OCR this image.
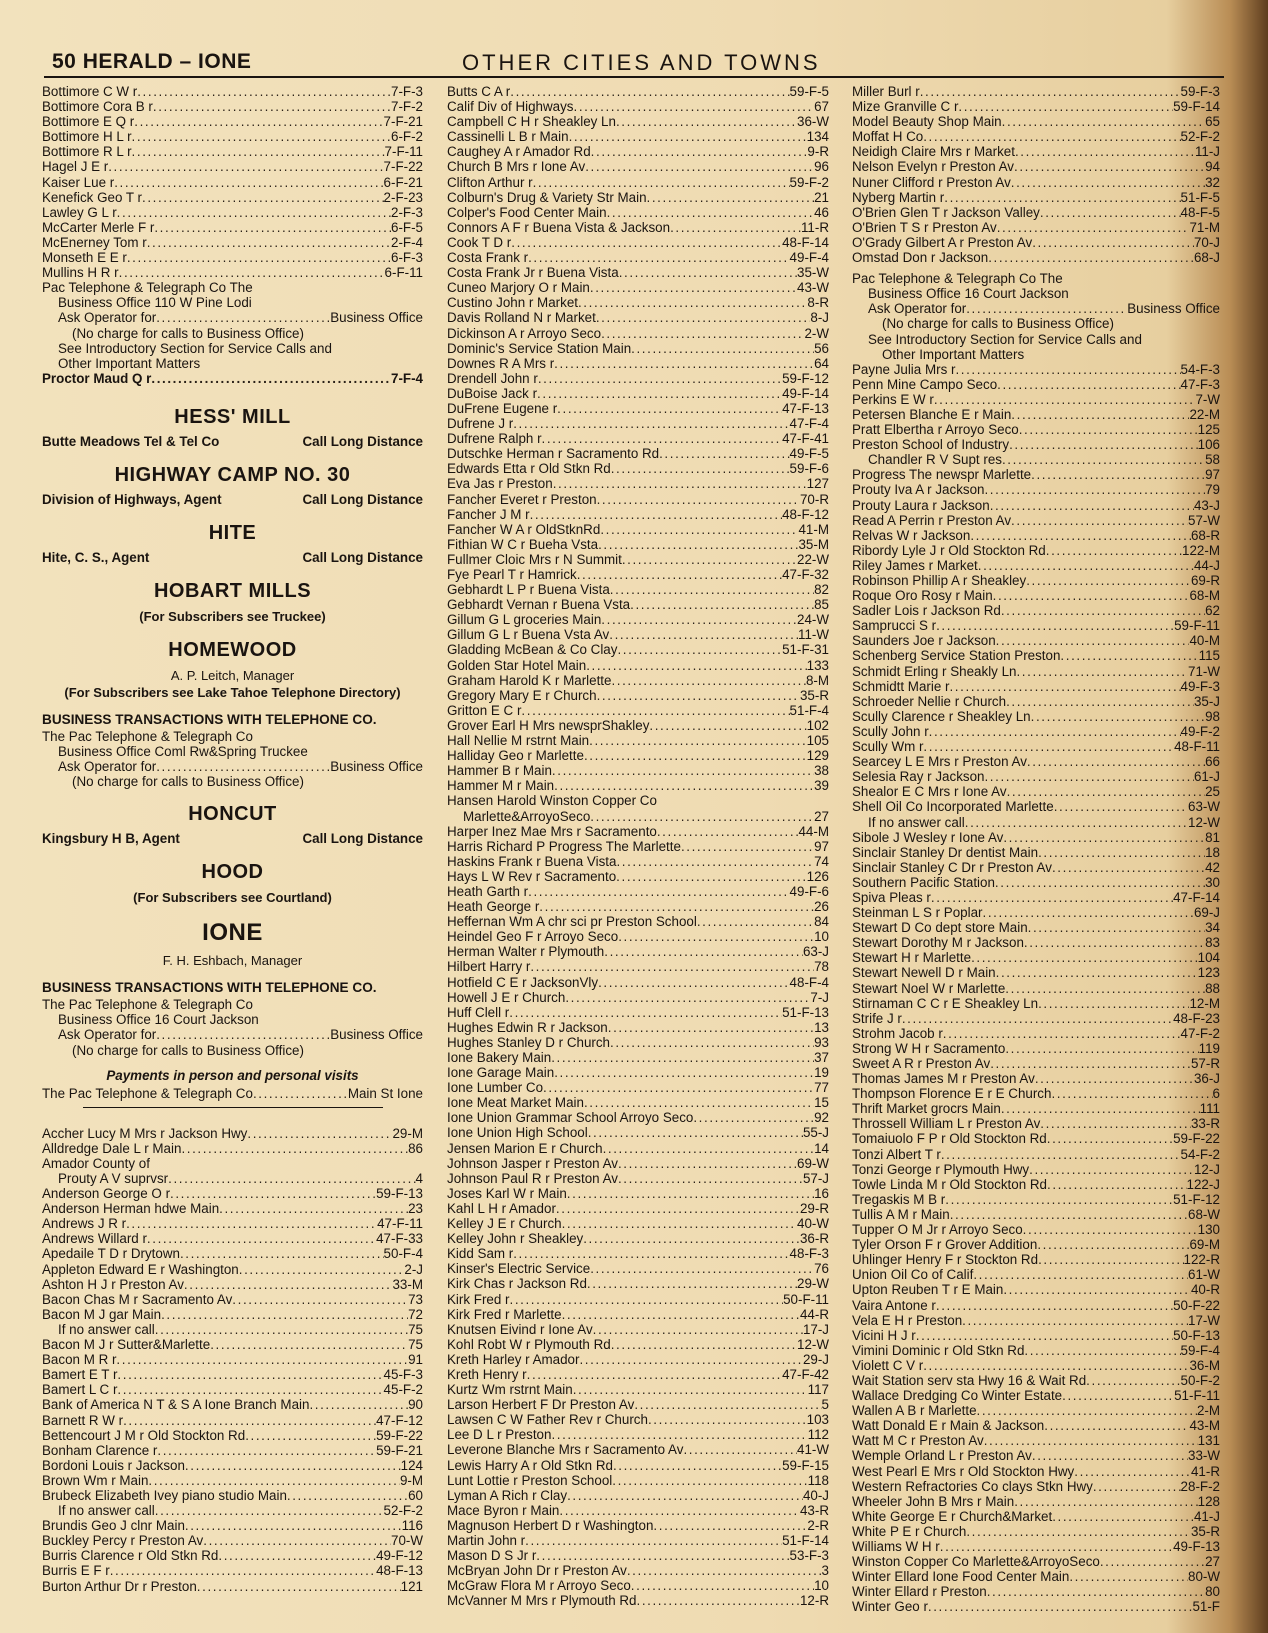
50 HERALD – IONE	OTHER CITIES AND TOWNS
Bottimore C W r .....	7-F-3
Bottimore Cora B r .....	7-F-2
Bottimore E Q r .....	7-F-21
Bottimore H L r .....	6-F-2
Bottimore R L r .....	7-F-11
Hagel J E r .....	7-F-22
Kaiser Lue r .....	6-F-21
Kenefick Geo T r .....	2-F-23
Lawley G L r .....	2-F-3
McCarter Merle F r .....	6-F-5
McEnerney Tom r .....	2-F-4
Monseth E E r .....	6-F-3
Mullins H R r .....	6-F-11
Pac Telephone & Telegraph Co The
Business Office 110 W Pine Lodi
Ask Operator for .....	Business Office
(No charge for calls to Business Office)
See Introductory Section for Service Calls and
Other Important Matters
Proctor Maud Q r .....	7-F-4
HESS' MILL
Butte Meadows Tel & Tel Co	Call Long Distance
HIGHWAY CAMP NO. 30
Division of Highways, Agent	Call Long Distance
HITE
Hite, C. S., Agent	Call Long Distance
HOBART MILLS
(For Subscribers see Truckee)
HOMEWOOD
A. P. Leitch, Manager
(For Subscribers see Lake Tahoe Telephone Directory)
BUSINESS TRANSACTIONS WITH TELEPHONE CO.
The Pac Telephone & Telegraph Co
Business Office Coml Rw&Spring Truckee
Ask Operator for .....	Business Office
(No charge for calls to Business Office)
HONCUT
Kingsbury H B, Agent	Call Long Distance
HOOD
(For Subscribers see Courtland)
IONE
F. H. Eshbach, Manager
BUSINESS TRANSACTIONS WITH TELEPHONE CO.
The Pac Telephone & Telegraph Co
Business Office 16 Court Jackson
Ask Operator for .....	Business Office
(No charge for calls to Business Office)
Payments in person and personal visits
The Pac Telephone & Telegraph Co .....	Main St Ione
Accher Lucy M Mrs r Jackson Hwy .....	29-M
Alldredge Dale L r Main .....	86
Amador County of
Prouty A V suprvsr .....	4
Anderson George O r .....	59-F-13
Anderson Herman hdwe Main .....	23
Andrews J R r .....	47-F-11
Andrews Willard r .....	47-F-33
Apedaile T D r Drytown .....	50-F-4
Appleton Edward E r Washington .....	2-J
Ashton H J r Preston Av .....	33-M
Bacon Chas M r Sacramento Av .....	73
Bacon M J gar Main .....	72
If no answer call .....	75
Bacon M J r Sutter&Marlette .....	75
Bacon M R r .....	91
Bamert E T r .....	45-F-3
Bamert L C r .....	45-F-2
Bank of America N T & S A Ione Branch Main .....	90
Barnett R W r .....	47-F-12
Bettencourt J M r Old Stockton Rd .....	59-F-22
Bonham Clarence r .....	59-F-21
Bordoni Louis r Jackson .....	124
Brown Wm r Main .....	9-M
Brubeck Elizabeth Ivey piano studio Main .....	60
If no answer call .....	52-F-2
Brundis Geo J clnr Main .....	116
Buckley Percy r Preston Av .....	70-W
Burris Clarence r Old Stkn Rd .....	49-F-12
Burris E F r .....	48-F-13
Burton Arthur Dr r Preston .....	121
Butts C A r .....	59-F-5
Calif Div of Highways .....	67
Campbell C H r Sheakley Ln .....	36-W
Cassinelli L B r Main .....	134
Caughey A r Amador Rd .....	9-R
Church B Mrs r Ione Av .....	96
Clifton Arthur r .....	59-F-2
Colburn's Drug & Variety Str Main .....	21
Colper's Food Center Main .....	46
Connors A F r Buena Vista & Jackson .....	11-R
Cook T D r .....	48-F-14
Costa Frank r .....	49-F-4
Costa Frank Jr r Buena Vista .....	35-W
Cuneo Marjory O r Main .....	43-W
Custino John r Market .....	8-R
Davis Rolland N r Market .....	8-J
Dickinson A r Arroyo Seco .....	2-W
Dominic's Service Station Main .....	56
Downes R A Mrs r .....	64
Drendell John r .....	59-F-12
DuBoise Jack r .....	49-F-14
DuFrene Eugene r .....	47-F-13
Dufrene J r .....	47-F-4
Dufrene Ralph r .....	47-F-41
Dutschke Herman r Sacramento Rd .....	49-F-5
Edwards Etta r Old Stkn Rd .....	59-F-6
Eva Jas r Preston .....	127
Fancher Everet r Preston .....	70-R
Fancher J M r .....	48-F-12
Fancher W A r OldStknRd .....	41-M
Fithian W C r Bueha Vsta .....	35-M
Fullmer Cloic Mrs r N Summit .....	22-W
Fye Pearl T r Hamrick .....	47-F-32
Gebhardt L P r Buena Vista .....	82
Gebhardt Vernan r Buena Vsta .....	85
Gillum G L groceries Main .....	24-W
Gillum G L r Buena Vsta Av .....	11-W
Gladding McBean & Co Clay .....	51-F-31
Golden Star Hotel Main .....	133
Graham Harold K r Marlette .....	8-M
Gregory Mary E r Church .....	35-R
Gritton E C r .....	51-F-4
Grover Earl H Mrs newsprShakley .....	102
Hall Nellie M rstrnt Main .....	105
Halliday Geo r Marlette .....	129
Hammer B r Main .....	38
Hammer M r Main .....	39
Hansen Harold Winston Copper Co
Marlette&ArroyoSeco .....	27
Harper Inez Mae Mrs r Sacramento .....	44-M
Harris Richard P Progress The Marlette .....	97
Haskins Frank r Buena Vista .....	74
Hays L W Rev r Sacramento .....	126
Heath Garth r .....	49-F-6
Heath George r .....	26
Heffernan Wm A chr sci pr Preston School .....	84
Heindel Geo F r Arroyo Seco .....	10
Herman Walter r Plymouth .....	63-J
Hilbert Harry r .....	78
Hotfield C E r JacksonVly .....	48-F-4
Howell J E r Church .....	7-J
Huff Clell r .....	51-F-13
Hughes Edwin R r Jackson .....	13
Hughes Stanley D r Church .....	93
Ione Bakery Main .....	37
Ione Garage Main .....	19
Ione Lumber Co .....	77
Ione Meat Market Main .....	15
Ione Union Grammar School Arroyo Seco .....	92
Ione Union High School .....	55-J
Jensen Marion E r Church .....	14
Johnson Jasper r Preston Av .....	69-W
Johnson Paul R r Preston Av .....	57-J
Joses Karl W r Main .....	16
Kahl L H r Amador .....	29-R
Kelley J E r Church .....	40-W
Kelley John r Sheakley .....	36-R
Kidd Sam r .....	48-F-3
Kinser's Electric Service .....	76
Kirk Chas r Jackson Rd .....	29-W
Kirk Fred r .....	50-F-11
Kirk Fred r Marlette .....	44-R
Knutsen Eivind r Ione Av .....	17-J
Kohl Robt W r Plymouth Rd .....	12-W
Kreth Harley r Amador .....	29-J
Kreth Henry r .....	47-F-42
Kurtz Wm rstrnt Main .....	117
Larson Herbert F Dr Preston Av .....	5
Lawsen C W Father Rev r Church .....	103
Lee D L r Preston .....	112
Leverone Blanche Mrs r Sacramento Av .....	41-W
Lewis Harry A r Old Stkn Rd .....	59-F-15
Lunt Lottie r Preston School .....	118
Lyman A Rich r Clay .....	40-J
Mace Byron r Main .....	43-R
Magnuson Herbert D r Washington .....	2-R
Martin John r .....	51-F-14
Mason D S Jr r .....	53-F-3
McBryan John Dr r Preston Av .....	3
McGraw Flora M r Arroyo Seco .....	10
McVanner M Mrs r Plymouth Rd .....	12-R
Miller Burl r .....	59-F-3
Mize Granville C r .....	59-F-14
Model Beauty Shop Main .....	65
Moffat H Co .....	52-F-2
Neidigh Claire Mrs r Market .....	11-J
Nelson Evelyn r Preston Av .....	94
Nuner Clifford r Preston Av .....	32
Nyberg Martin r .....	51-F-5
O'Brien Glen T r Jackson Valley .....	48-F-5
O'Brien T S r Preston Av .....	71-M
O'Grady Gilbert A r Preston Av .....	70-J
Omstad Don r Jackson .....	68-J
Pac Telephone & Telegraph Co The
Business Office 16 Court Jackson
Ask Operator for .....	Business Office
(No charge for calls to Business Office)
See Introductory Section for Service Calls and
Other Important Matters
Payne Julia Mrs r .....	54-F-3
Penn Mine Campo Seco .....	47-F-3
Perkins E W r .....	7-W
Petersen Blanche E r Main .....	22-M
Pratt Elbertha r Arroyo Seco .....	125
Preston School of Industry .....	106
Chandler R V Supt res .....	58
Progress The newspr Marlette .....	97
Prouty Iva A r Jackson .....	79
Prouty Laura r Jackson .....	43-J
Read A Perrin r Preston Av .....	57-W
Relvas W r Jackson .....	68-R
Ribordy Lyle J r Old Stockton Rd .....	122-M
Riley James r Market .....	44-J
Robinson Phillip A r Sheakley .....	69-R
Roque Oro Rosy r Main .....	68-M
Sadler Lois r Jackson Rd .....	62
Samprucci S r .....	59-F-11
Saunders Joe r Jackson .....	40-M
Schenberg Service Station Preston .....	115
Schmidt Erling r Sheakly Ln .....	71-W
Schmidtt Marie r .....	49-F-3
Schroeder Nellie r Church .....	35-J
Scully Clarence r Sheakley Ln .....	98
Scully John r .....	49-F-2
Scully Wm r .....	48-F-11
Searcey L E Mrs r Preston Av .....	66
Selesia Ray r Jackson .....	61-J
Shealor E C Mrs r Ione Av .....	25
Shell Oil Co Incorporated Marlette .....	63-W
If no answer call .....	12-W
Sibole J Wesley r Ione Av .....	81
Sinclair Stanley Dr dentist Main .....	18
Sinclair Stanley C Dr r Preston Av .....	42
Southern Pacific Station .....	30
Spiva Pleas r .....	47-F-14
Steinman L S r Poplar .....	69-J
Stewart D Co dept store Main .....	34
Stewart Dorothy M r Jackson .....	83
Stewart H r Marlette .....	104
Stewart Newell D r Main .....	123
Stewart Noel W r Marlette .....	88
Stirnaman C C r E Sheakley Ln .....	12-M
Strife J r .....	48-F-23
Strohm Jacob r .....	47-F-2
Strong W H r Sacramento .....	119
Sweet A R r Preston Av .....	57-R
Thomas James M r Preston Av .....	36-J
Thompson Florence E r E Church .....	6
Thrift Market grocrs Main .....	111
Throssell William L r Preston Av .....	33-R
Tomaiuolo F P r Old Stockton Rd .....	59-F-22
Tonzi Albert T r .....	54-F-2
Tonzi George r Plymouth Hwy .....	12-J
Towle Linda M r Old Stockton Rd .....	122-J
Tregaskis M B r .....	51-F-12
Tullis A M r Main .....	68-W
Tupper O M Jr r Arroyo Seco .....	130
Tyler Orson F r Grover Addition .....	69-M
Uhlinger Henry F r Stockton Rd .....	122-R
Union Oil Co of Calif .....	61-W
Upton Reuben T r E Main .....	40-R
Vaira Antone r .....	50-F-22
Vela E H r Preston .....	17-W
Vicini H J r .....	50-F-13
Vimini Dominic r Old Stkn Rd .....	59-F-4
Violett C V r .....	36-M
Wait Station serv sta Hwy 16 & Wait Rd .....	50-F-2
Wallace Dredging Co Winter Estate .....	51-F-11
Wallen A B r Marlette .....	2-M
Watt Donald E r Main & Jackson .....	43-M
Watt M C r Preston Av .....	131
Wemple Orland L r Preston Av .....	33-W
West Pearl E Mrs r Old Stockton Hwy .....	41-R
Western Refractories Co clays Stkn Hwy .....	28-F-2
Wheeler John B Mrs r Main .....	128
White George E r Church&Market .....	41-J
White P E r Church .....	35-R
Williams W H r .....	49-F-13
Winston Copper Co Marlette&ArroyoSeco .....	27
Winter Ellard Ione Food Center Main .....	80-W
Winter Ellard r Preston .....	80
Winter Geo r .....	51-F
